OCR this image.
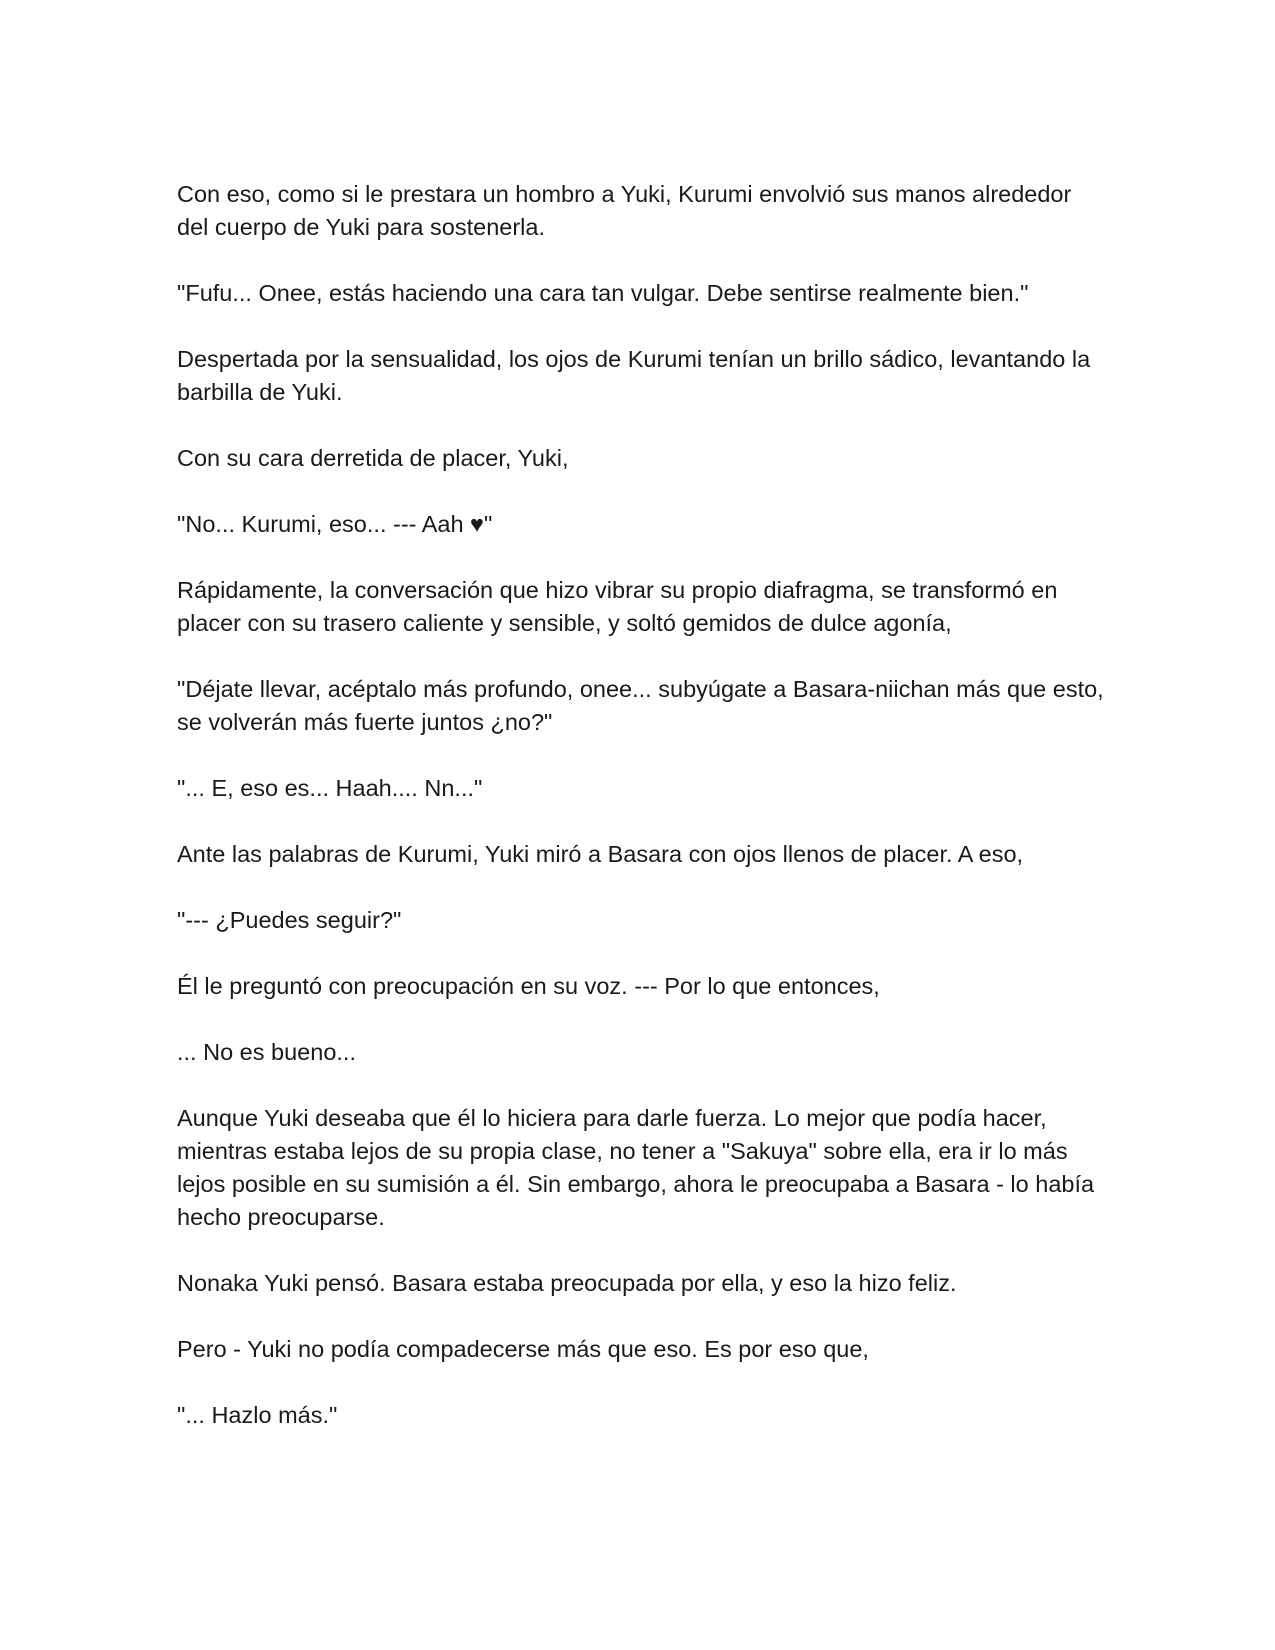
Con eso, como si le prestara un hombro a Yuki, Kurumi envolvió sus manos alrededor del cuerpo de Yuki para sostenerla.

"Fufu... Onee, estás haciendo una cara tan vulgar. Debe sentirse realmente bien."

Despertada por la sensualidad, los ojos de Kurumi tenían un brillo sádico, levantando la barbilla de Yuki.

Con su cara derretida de placer, Yuki,

"No... Kurumi, eso... --- Aah ♥"

Rápidamente, la conversación que hizo vibrar su propio diafragma, se transformó en placer con su trasero caliente y sensible, y soltó gemidos de dulce agonía,

"Déjate llevar, acéptalo más profundo, onee... subyúgate a Basara-niichan más que esto, se volverán más fuerte juntos ¿no?"

"... E, eso es... Haah.... Nn..."

Ante las palabras de Kurumi, Yuki miró a Basara con ojos llenos de placer. A eso,

"--- ¿Puedes seguir?"

Él le preguntó con preocupación en su voz. --- Por lo que entonces,

... No es bueno...

Aunque Yuki deseaba que él lo hiciera para darle fuerza. Lo mejor que podía hacer, mientras estaba lejos de su propia clase, no tener a "Sakuya" sobre ella, era ir lo más lejos posible en su sumisión a él. Sin embargo, ahora le preocupaba a Basara - lo había hecho preocuparse.

Nonaka Yuki pensó. Basara estaba preocupada por ella, y eso la hizo feliz.

Pero - Yuki no podía compadecerse más que eso. Es por eso que,

"... Hazlo más."
